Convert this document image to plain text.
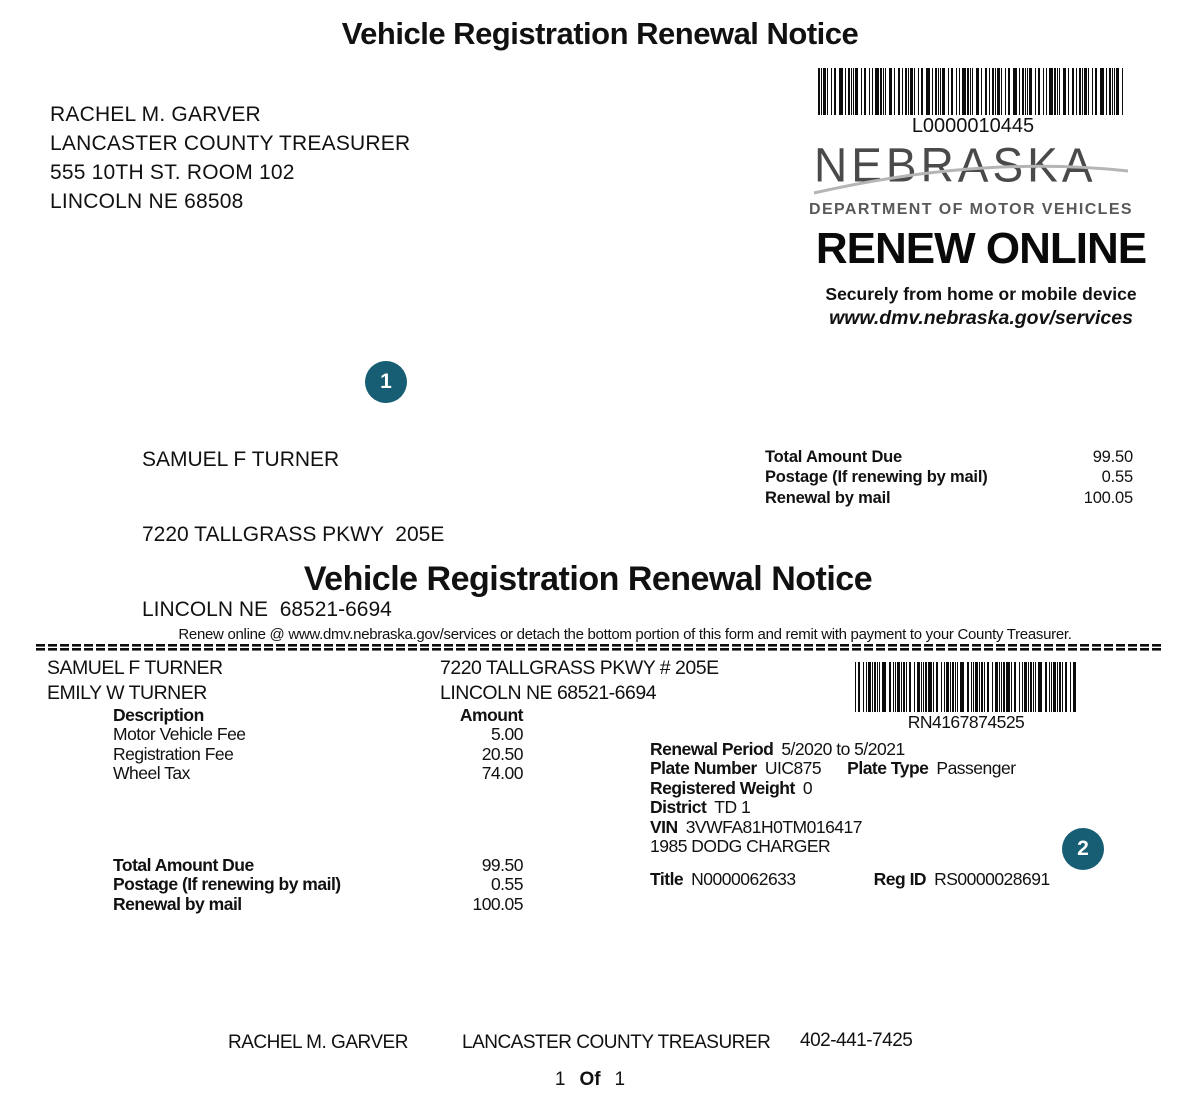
Vehicle Registration Renewal Notice
RACHEL M. GARVER
LANCASTER COUNTY TREASURER
555 10TH ST. ROOM 102
LINCOLN NE 68508
L0000010445
NEBRASKA
DEPARTMENT OF MOTOR VEHICLES
RENEW ONLINE
Securely from home or mobile device
www.dmv.nebraska.gov/services
1

SAMUEL F TURNER

7220 TALLGRASS PKWY  205E

LINCOLN NE  68521-6694

Total Amount Due	99.50
Postage (If renewing by mail)	0.55
Renewal by mail	100.05
Vehicle Registration Renewal Notice
Renew online @ www.dmv.nebraska.gov/services or detach the bottom portion of this form and remit with payment to your County Treasurer.
SAMUEL F TURNER
EMILY W TURNER
7220 TALLGRASS PKWY # 205E
LINCOLN NE 68521-6694
RN4167874525
Description	Amount
Motor Vehicle Fee	5.00
Registration Fee	20.50
Wheel Tax	74.00
Renewal Period 5/2020 to 5/2021
Plate Number UIC875 Plate Type Passenger
Registered Weight 0
District TD 1
VIN 3VWFA81H0TM016417
1985 DODG CHARGER
Title N0000062633	Reg ID RS0000028691
2
Total Amount Due	99.50
Postage (If renewing by mail)	0.55
Renewal by mail	100.05
RACHEL M. GARVER	LANCASTER COUNTY TREASURER 402-441-7425
1 Of 1
